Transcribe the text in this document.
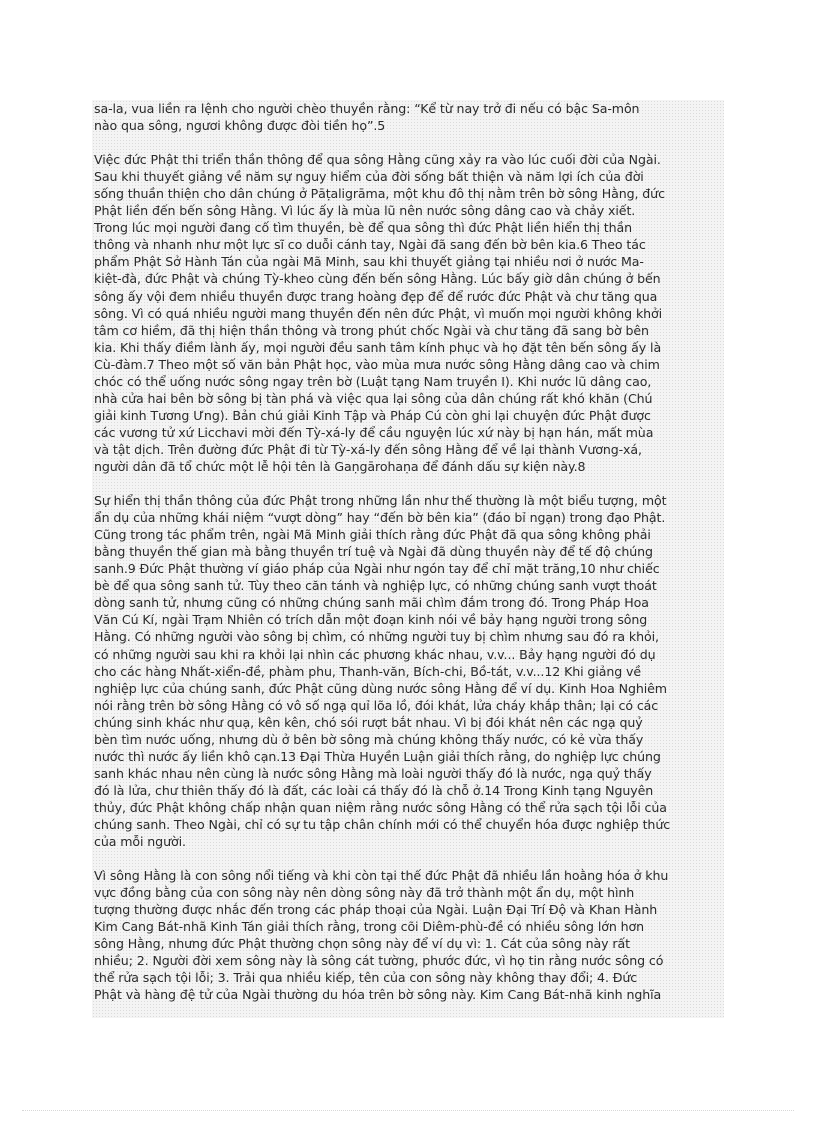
sa-la, vua liền ra lệnh cho người chèo thuyền rằng: “Kể từ nay trở đi nếu có bậc Sa-môn
nào qua sông, ngươi không được đòi tiền họ”.5
Việc đức Phật thi triển thần thông để qua sông Hằng cũng xảy ra vào lúc cuối đời của Ngài.
Sau khi thuyết giảng về năm sự nguy hiểm của đời sống bất thiện và năm lợi ích của đời
sống thuần thiện cho dân chúng ở Pāṭaligrāma, một khu đô thị nằm trên bờ sông Hằng, đức
Phật liền đến bến sông Hằng. Vì lúc ấy là mùa lũ nên nước sông dâng cao và chảy xiết.
Trong lúc mọi người đang cố tìm thuyền, bè để qua sông thì đức Phật liền hiển thị thần
thông và nhanh như một lực sĩ co duỗi cánh tay, Ngài đã sang đến bờ bên kia.6 Theo tác
phẩm Phật Sở Hành Tán của ngài Mã Minh, sau khi thuyết giảng tại nhiều nơi ở nước Ma-
kiệt-đà, đức Phật và chúng Tỳ-kheo cùng đến bến sông Hằng. Lúc bấy giờ dân chúng ở bến
sông ấy vội đem nhiều thuyền được trang hoàng đẹp để để rước đức Phật và chư tăng qua
sông. Vì có quá nhiều người mang thuyền đến nên đức Phật, vì muốn mọi người không khởi
tâm cơ hiềm, đã thị hiện thần thông và trong phút chốc Ngài và chư tăng đã sang bờ bên
kia. Khi thấy điềm lành ấy, mọi người đều sanh tâm kính phục và họ đặt tên bến sông ấy là
Cù-đàm.7 Theo một số văn bản Phật học, vào mùa mưa nước sông Hằng dâng cao và chim
chóc có thể uống nước sông ngay trên bờ (Luật tạng Nam truyền I). Khi nước lũ dâng cao,
nhà cửa hai bên bờ sông bị tàn phá và việc qua lại sông của dân chúng rất khó khăn (Chú
giải kinh Tương Ưng). Bản chú giải Kinh Tập và Pháp Cú còn ghi lại chuyện đức Phật được
các vương tử xứ Licchavi mời đến Tỳ-xá-ly để cầu nguyện lúc xứ này bị hạn hán, mất mùa
và tật dịch. Trên đường đức Phật đi từ Tỳ-xá-ly đến sông Hằng để về lại thành Vương-xá,
người dân đã tổ chức một lễ hội tên là Gaṇgārohaṇa để đánh dấu sự kiện này.8
Sự hiển thị thần thông của đức Phật trong những lần như thế thường là một biểu tượng, một
ẩn dụ của những khái niệm “vượt dòng” hay “đến bờ bên kia” (đáo bỉ ngạn) trong đạo Phật.
Cũng trong tác phẩm trên, ngài Mã Minh giải thích rằng đức Phật đã qua sông không phải
bằng thuyền thế gian mà bằng thuyền trí tuệ và Ngài đã dùng thuyền này để tế độ chúng
sanh.9 Đức Phật thường ví giáo pháp của Ngài như ngón tay để chỉ mặt trăng,10 như chiếc
bè để qua sông sanh tử. Tùy theo căn tánh và nghiệp lực, có những chúng sanh vượt thoát
dòng sanh tử, nhưng cũng có những chúng sanh mãi chìm đắm trong đó. Trong Pháp Hoa
Văn Cú Kí, ngài Trạm Nhiên có trích dẫn một đoạn kinh nói về bảy hạng người trong sông
Hằng. Có những người vào sông bị chìm, có những người tuy bị chìm nhưng sau đó ra khỏi,
có những người sau khi ra khỏi lại nhìn các phương khác nhau, v.v... Bảy hạng người đó dụ
cho các hàng Nhất-xiển-đề, phàm phu, Thanh-văn, Bích-chi, Bồ-tát, v.v...12 Khi giảng về
nghiệp lực của chúng sanh, đức Phật cũng dùng nước sông Hằng để ví dụ. Kinh Hoa Nghiêm
nói rằng trên bờ sông Hằng có vô số ngạ quỉ lõa lồ, đói khát, lửa cháy khắp thân; lại có các
chúng sinh khác như quạ, kên kên, chó sói rượt bắt nhau. Vì bị đói khát nên các ngạ quỷ
bèn tìm nước uống, nhưng dù ở bên bờ sông mà chúng không thấy nước, có kẻ vừa thấy
nước thì nước ấy liền khô cạn.13 Đại Thừa Huyền Luận giải thích rằng, do nghiệp lực chúng
sanh khác nhau nên cùng là nước sông Hằng mà loài người thấy đó là nước, ngạ quỷ thấy
đó là lửa, chư thiên thấy đó là đất, các loài cá thấy đó là chỗ ở.14 Trong Kinh tạng Nguyên
thủy, đức Phật không chấp nhận quan niệm rằng nước sông Hằng có thể rửa sạch tội lỗi của
chúng sanh. Theo Ngài, chỉ có sự tu tập chân chính mới có thể chuyển hóa được nghiệp thức
của mỗi người.
Vì sông Hằng là con sông nổi tiếng và khi còn tại thế đức Phật đã nhiều lần hoằng hóa ở khu
vực đồng bằng của con sông này nên dòng sông này đã trở thành một ẩn dụ, một hình
tượng thường được nhắc đến trong các pháp thoại của Ngài. Luận Đại Trí Độ và Khan Hành
Kim Cang Bát-nhã Kinh Tán giải thích rằng, trong cõi Diêm-phù-đề có nhiều sông lớn hơn
sông Hằng, nhưng đức Phật thường chọn sông này để ví dụ vì: 1. Cát của sông này rất
nhiều; 2. Người đời xem sông này là sông cát tường, phước đức, vì họ tin rằng nước sông có
thể rửa sạch tội lỗi; 3. Trải qua nhiều kiếp, tên của con sông này không thay đổi; 4. Đức
Phật và hàng đệ tử của Ngài thường du hóa trên bờ sông này. Kim Cang Bát-nhã kinh nghĩa
